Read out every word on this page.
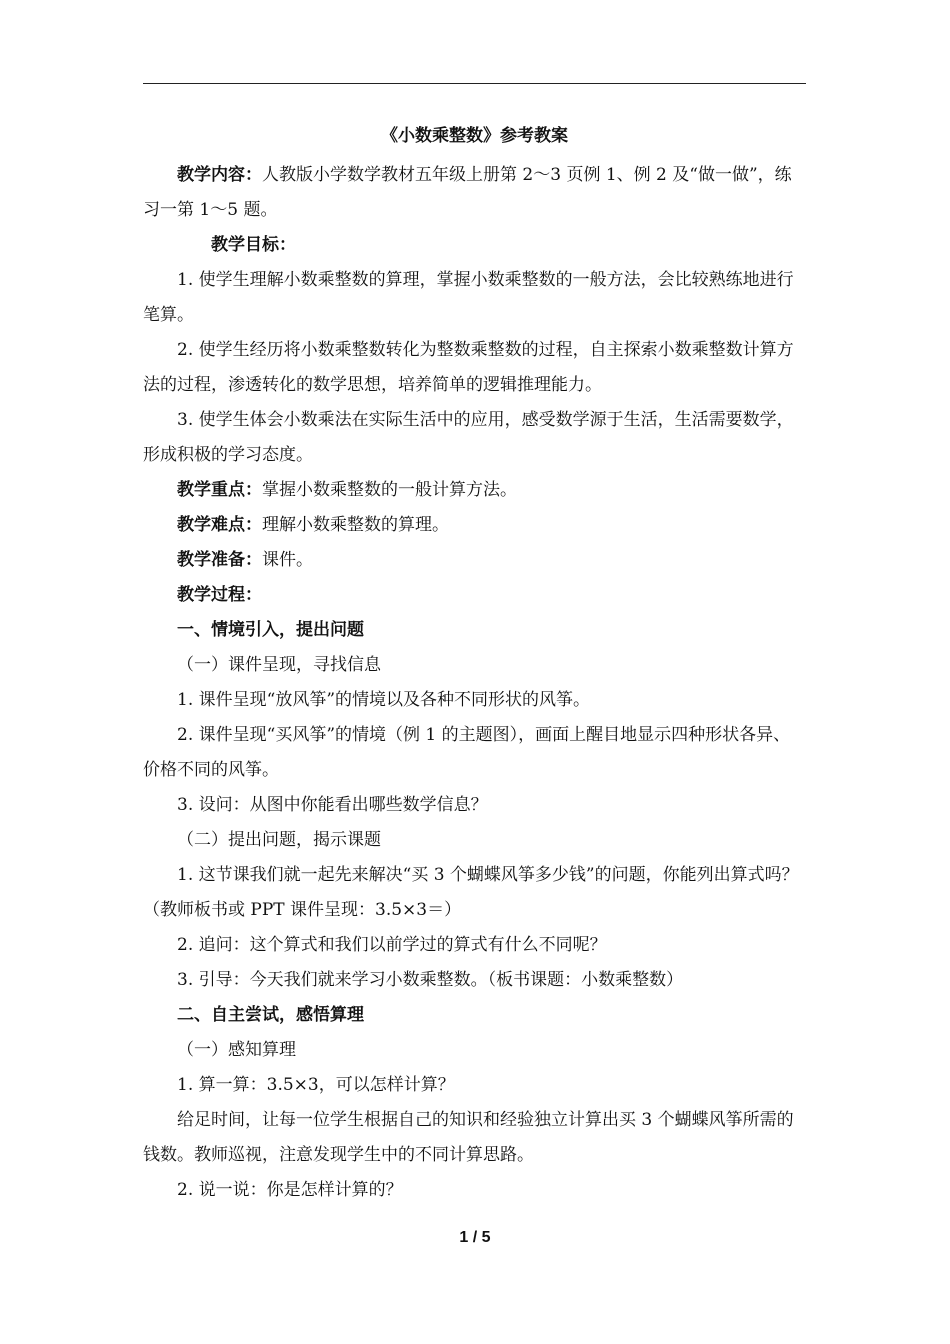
《小数乘整数》参考教案

教学内容：人教版小学数学教材五年级上册第 2～3 页例 1、例 2 及“做一做”，练习一第 1～5 题。

教学目标：

1. 使学生理解小数乘整数的算理，掌握小数乘整数的一般方法，会比较熟练地进行笔算。

2. 使学生经历将小数乘整数转化为整数乘整数的过程，自主探索小数乘整数计算方法的过程，渗透转化的数学思想，培养简单的逻辑推理能力。

3. 使学生体会小数乘法在实际生活中的应用，感受数学源于生活，生活需要数学，形成积极的学习态度。

教学重点：掌握小数乘整数的一般计算方法。

教学难点：理解小数乘整数的算理。

教学准备：课件。

教学过程：

一、情境引入，提出问题

（一）课件呈现，寻找信息

1. 课件呈现“放风筝”的情境以及各种不同形状的风筝。

2. 课件呈现“买风筝”的情境（例 1 的主题图），画面上醒目地显示四种形状各异、价格不同的风筝。

3. 设问：从图中你能看出哪些数学信息？

（二）提出问题，揭示课题

1. 这节课我们就一起先来解决“买 3 个蝴蝶风筝多少钱”的问题，你能列出算式吗？（教师板书或 PPT 课件呈现：3.5×3＝）

2. 追问：这个算式和我们以前学过的算式有什么不同呢？

3. 引导：今天我们就来学习小数乘整数。（板书课题：小数乘整数）

二、自主尝试，感悟算理

（一）感知算理

1. 算一算：3.5×3，可以怎样计算？

给足时间，让每一位学生根据自己的知识和经验独立计算出买 3 个蝴蝶风筝所需的钱数。教师巡视，注意发现学生中的不同计算思路。

2. 说一说：你是怎样计算的？

1 / 5
